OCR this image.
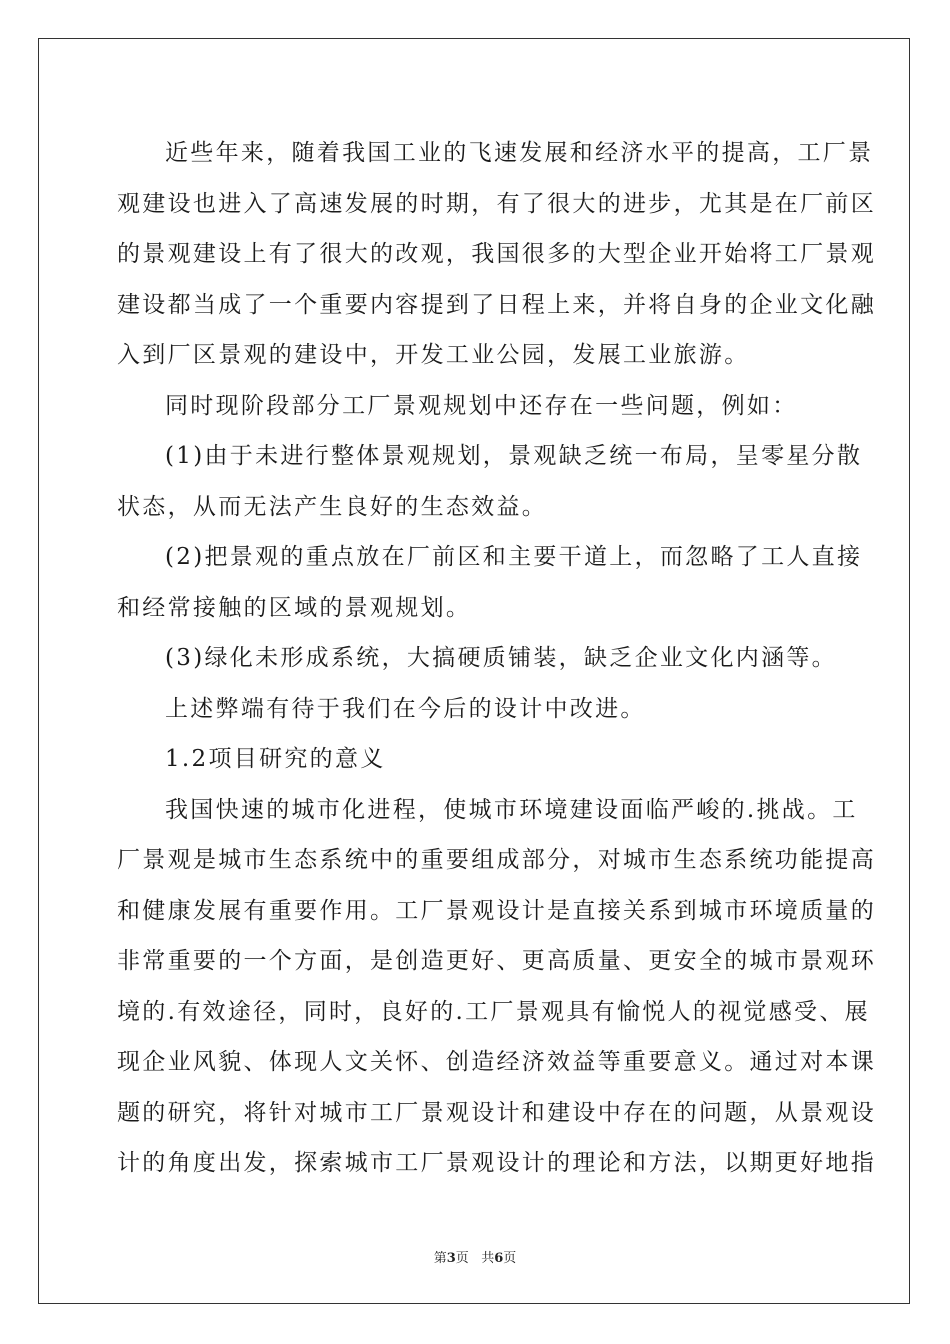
近些年来，随着我国工业的飞速发展和经济水平的提高，工厂景
观建设也进入了高速发展的时期，有了很大的进步，尤其是在厂前区
的景观建设上有了很大的改观，我国很多的大型企业开始将工厂景观
建设都当成了一个重要内容提到了日程上来，并将自身的企业文化融
入到厂区景观的建设中，开发工业公园，发展工业旅游。
同时现阶段部分工厂景观规划中还存在一些问题，例如：
(1)由于未进行整体景观规划，景观缺乏统一布局，呈零星分散
状态，从而无法产生良好的生态效益。
(2)把景观的重点放在厂前区和主要干道上，而忽略了工人直接
和经常接触的区域的景观规划。
(3)绿化未形成系统，大搞硬质铺装，缺乏企业文化内涵等。
上述弊端有待于我们在今后的设计中改进。
1.2项目研究的意义
我国快速的城市化进程，使城市环境建设面临严峻的.挑战。工
厂景观是城市生态系统中的重要组成部分，对城市生态系统功能提高
和健康发展有重要作用。工厂景观设计是直接关系到城市环境质量的
非常重要的一个方面，是创造更好、更高质量、更安全的城市景观环
境的.有效途径，同时，良好的.工厂景观具有愉悦人的视觉感受、展
现企业风貌、体现人文关怀、创造经济效益等重要意义。通过对本课
题的研究，将针对城市工厂景观设计和建设中存在的问题，从景观设
计的角度出发，探索城市工厂景观设计的理论和方法，以期更好地指
第3页 共6页
